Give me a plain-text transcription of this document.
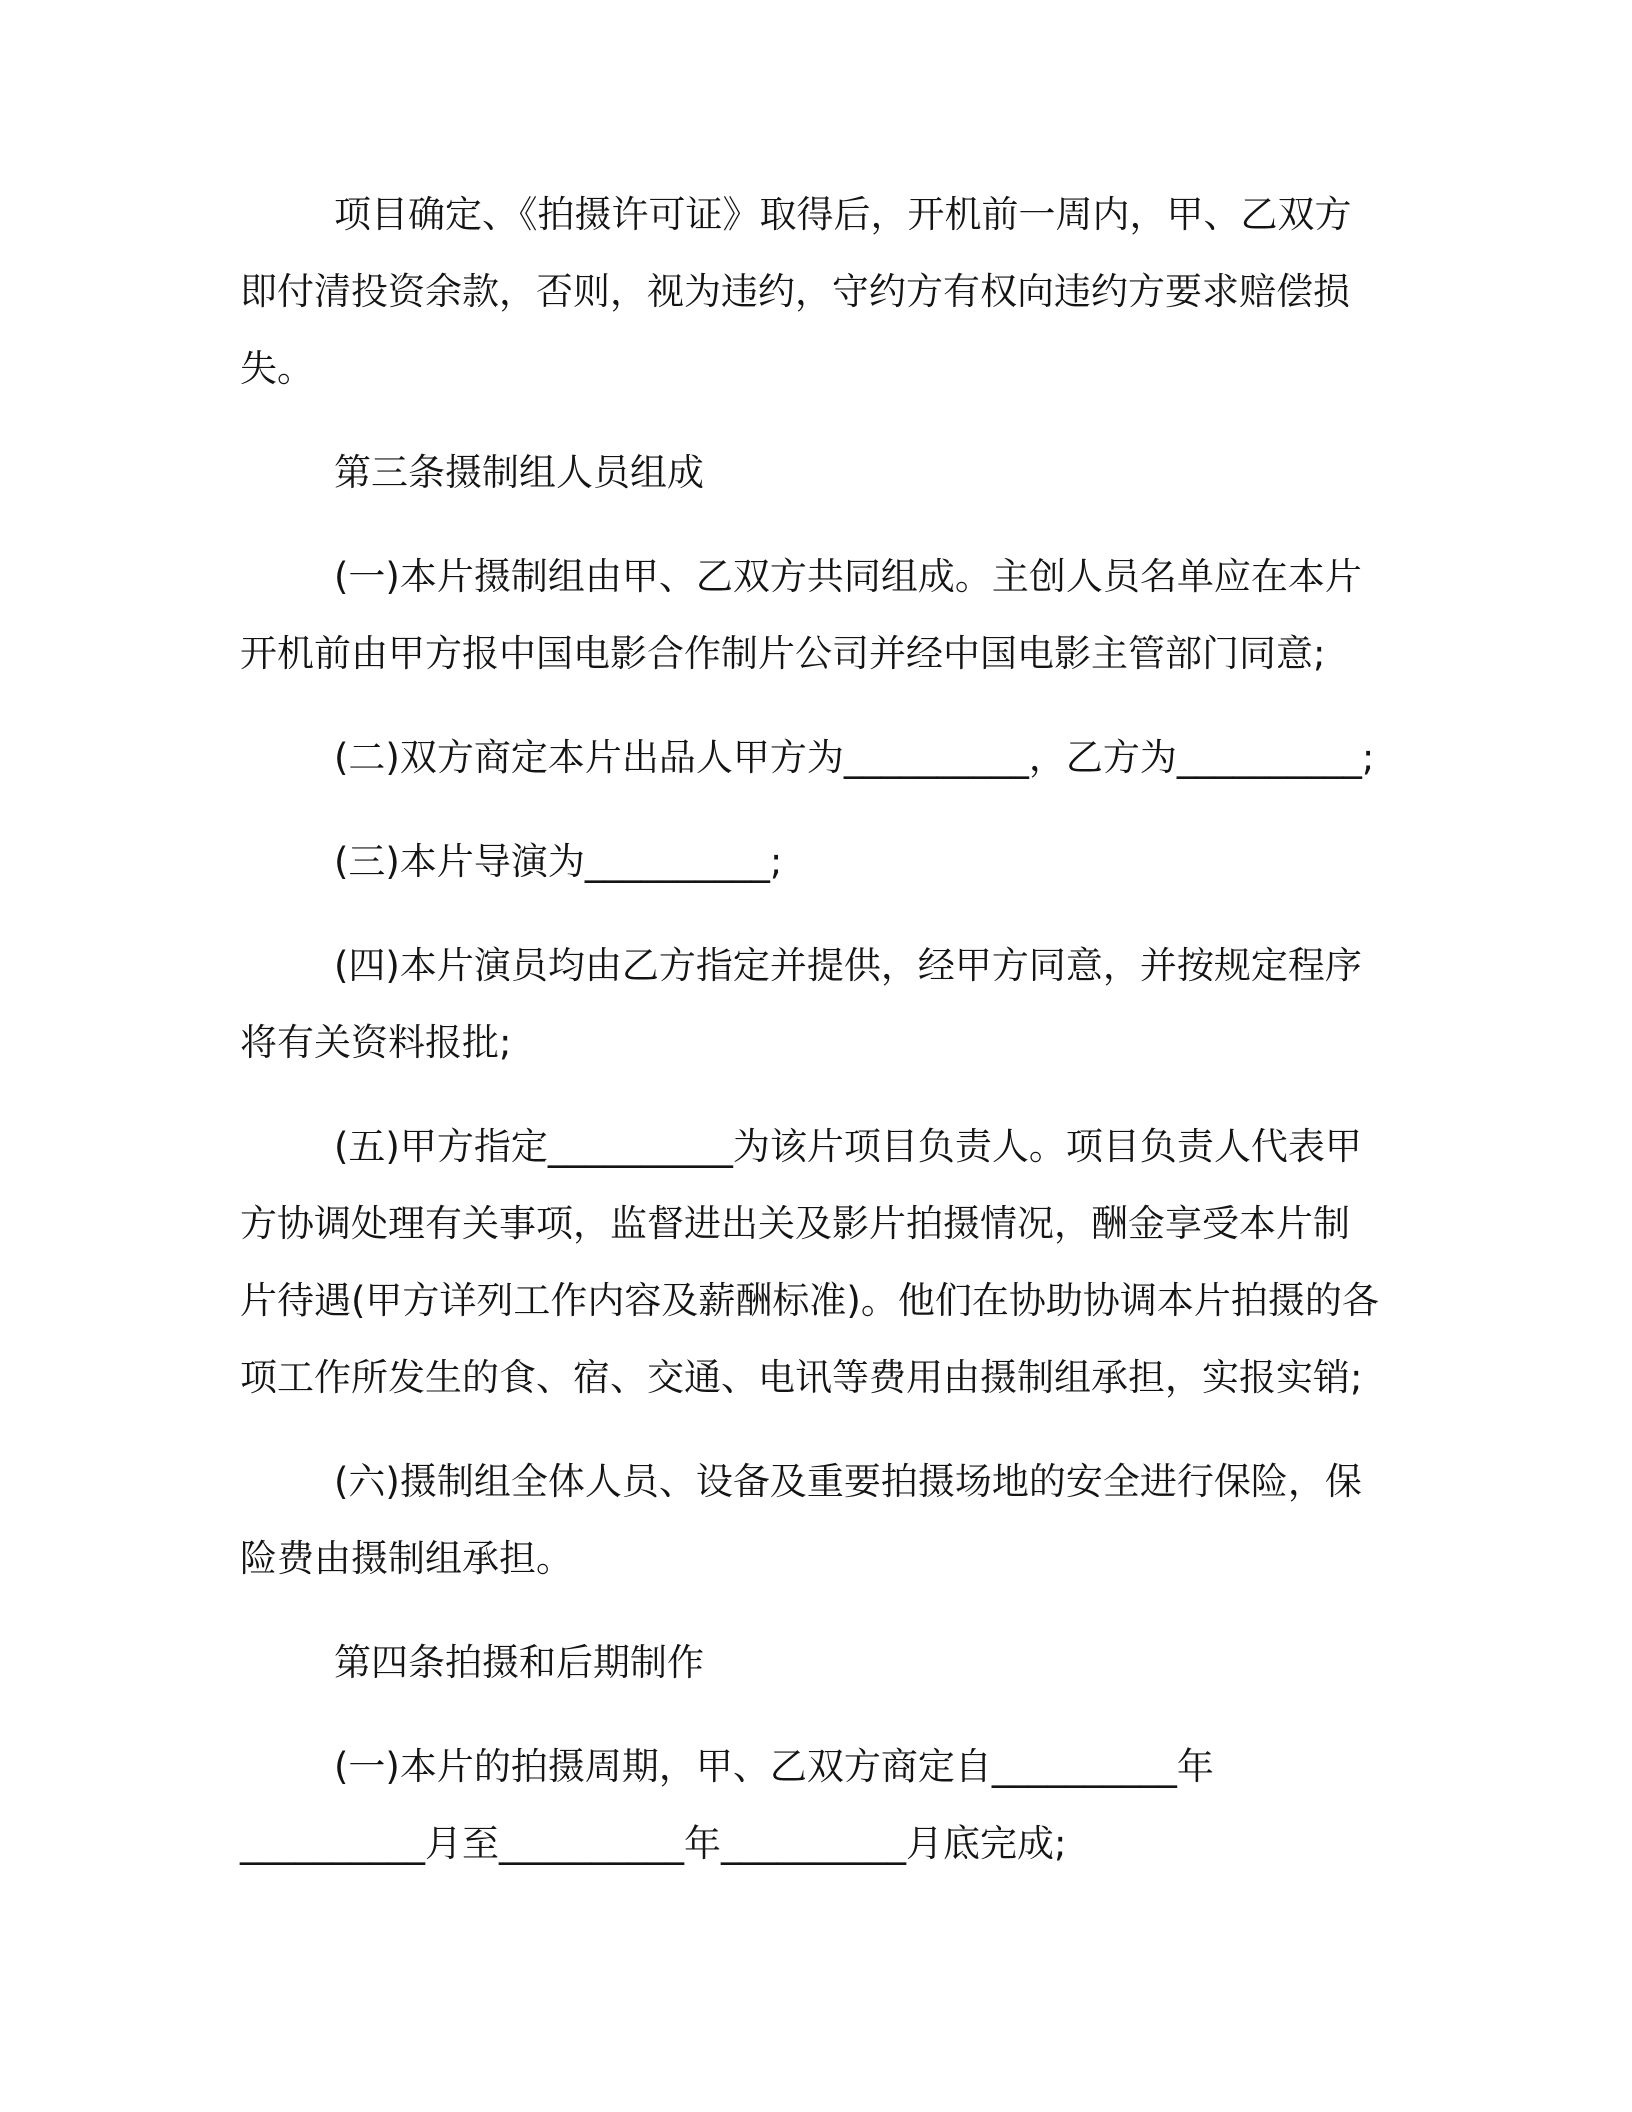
项目确定、《拍摄许可证》取得后，开机前一周内，甲、乙双方
即付清投资余款，否则，视为违约，守约方有权向违约方要求赔偿损
失。
第三条摄制组人员组成
(一)本片摄制组由甲、乙双方共同组成。主创人员名单应在本片
开机前由甲方报中国电影合作制片公司并经中国电影主管部门同意;
(二)双方商定本片出品人甲方为__________，乙方为__________;
(三)本片导演为__________;
(四)本片演员均由乙方指定并提供，经甲方同意，并按规定程序
将有关资料报批;
(五)甲方指定__________为该片项目负责人。项目负责人代表甲
方协调处理有关事项，监督进出关及影片拍摄情况，酬金享受本片制
片待遇(甲方详列工作内容及薪酬标准)。他们在协助协调本片拍摄的各
项工作所发生的食、宿、交通、电讯等费用由摄制组承担，实报实销;
(六)摄制组全体人员、设备及重要拍摄场地的安全进行保险，保
险费由摄制组承担。
第四条拍摄和后期制作
(一)本片的拍摄周期，甲、乙双方商定自__________年
__________月至__________年__________月底完成;
